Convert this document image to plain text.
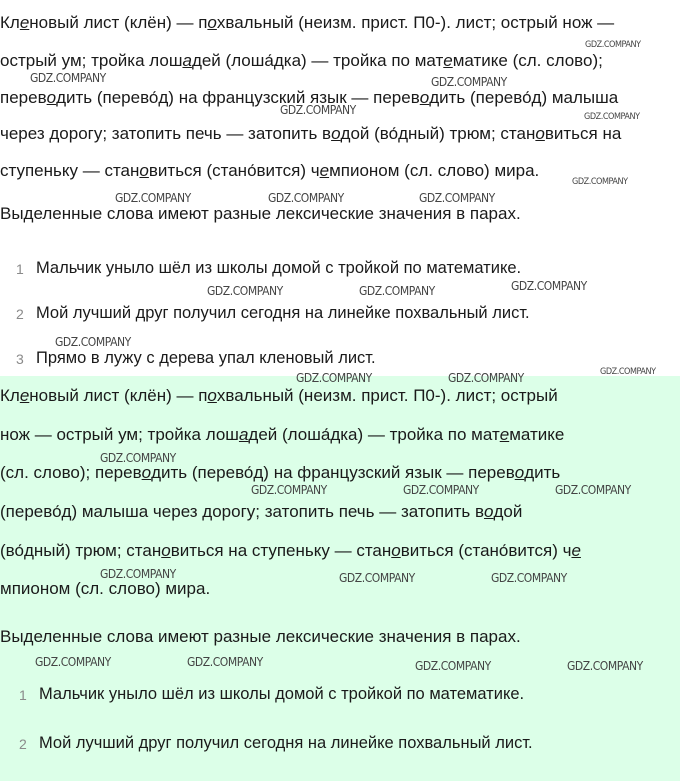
Кленовый лист (клён) — похвальный (неизм. прист. П0-). лист; острый нож —

острый ум; тройка лошадей (лоша́дка) — тройка по математике (сл. слово);

переводить (перево́д) на французский язык — переводить (перево́д) малыша

через дорогу; затопить печь — затопить водой (во́дный) трюм; становиться на

ступеньку — становиться (стано́вится) чемпионом (сл. слово) мира.

Выделенные слова имеют разные лексические значения в парах.

1 Мальчик уныло шёл из школы домой с тройкой по математике.
2 Мой лучший друг получил сегодня на линейке похвальный лист.
3 Прямо в лужу с дерева упал кленовый лист.

Кленовый лист (клён) — похвальный (неизм. прист. П0-). лист; острый

нож — острый ум; тройка лошадей (лоша́дка) — тройка по математике

(сл. слово); переводить (перево́д) на французский язык — переводить

(перево́д) малыша через дорогу; затопить печь — затопить водой

(во́дный) трюм; становиться на ступеньку — становиться (стано́вится) че

мпионом (сл. слово) мира.

Выделенные слова имеют разные лексические значения в парах.

1 Мальчик уныло шёл из школы домой с тройкой по математике.
2 Мой лучший друг получил сегодня на линейке похвальный лист.
GDZ.COMPANY
GDZ.COMPANY	GDZ.COMPANY
GDZ.COMPANY	GDZ.COMPANY
GDZ.COMPANY
GDZ.COMPANY	GDZ.COMPANY	GDZ.COMPANY
GDZ.COMPANY	GDZ.COMPANY	GDZ.COMPANY
GDZ.COMPANY
GDZ.COMPANY
GDZ.COMPANY	GDZ.COMPANY
GDZ.COMPANY
GDZ.COMPANY	GDZ.COMPANY	GDZ.COMPANY
GDZ.COMPANY	GDZ.COMPANY	GDZ.COMPANY
GDZ.COMPANY	GDZ.COMPANY	GDZ.COMPANY	GDZ.COMPANY
